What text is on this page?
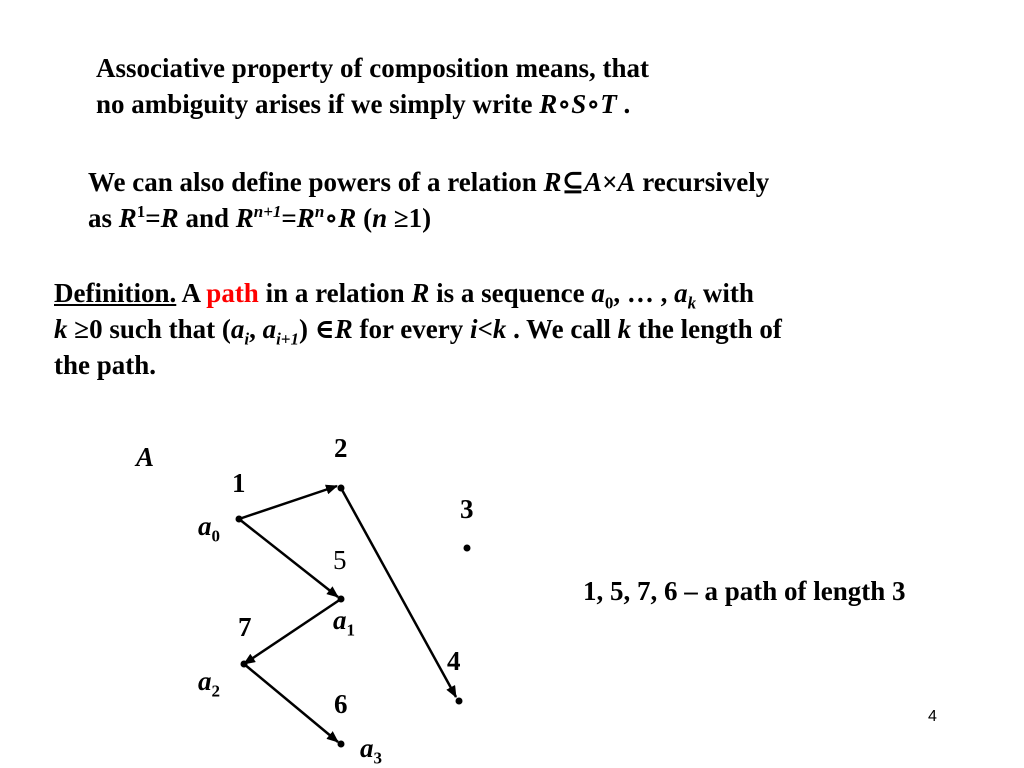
Associative property of composition means, that
no ambiguity arises if we simply write R∘S∘T .
We can also define powers of a relation R⊆A×A recursively
as $R^1=R$ and $R^{n+1}=R^n\circ R$ (n ≥1)
Definition. A path in a relation R is a sequence $a_0$, … , $a_k$ with
k ≥0 such that ($a_i$, $a_{i+1}$) ∈R for every i<k . We call k the length of
the path.
A
1
2
3
5
7
4
6
$a_0$
$a_1$
$a_2$
$a_3$
1, 5, 7, 6 – a path of length 3
4
